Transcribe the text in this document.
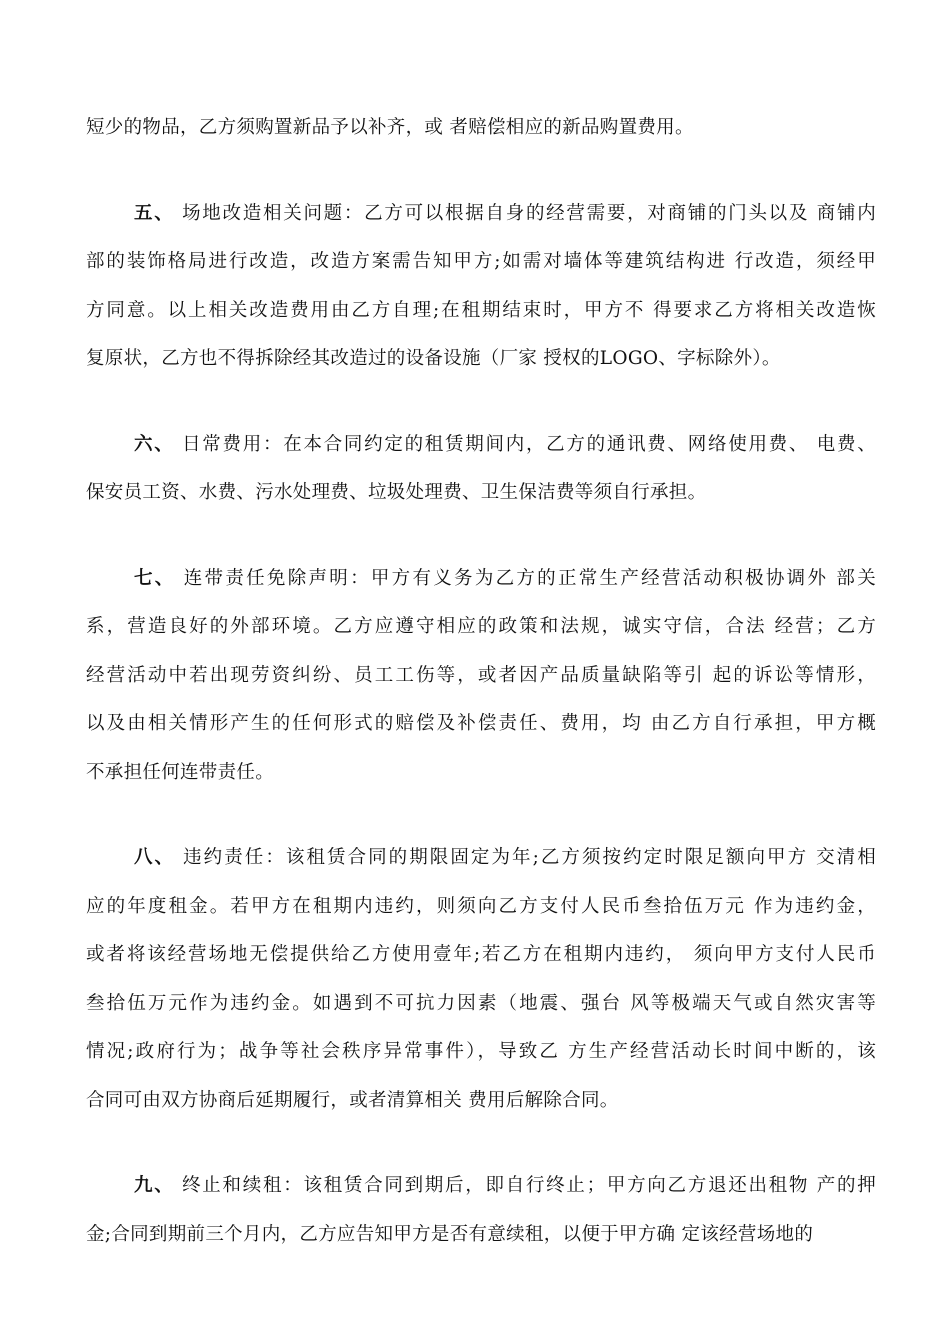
短少的物品，乙方须购置新品予以补齐，或 者赔偿相应的新品购置费用。
五、 场地改造相关问题：乙方可以根据自身的经营需要，对商铺的门头以及 商铺内
部的装饰格局进行改造，改造方案需告知甲方;如需对墙体等建筑结构进 行改造，须经甲
方同意。以上相关改造费用由乙方自理;在租期结束时，甲方不 得要求乙方将相关改造恢
复原状，乙方也不得拆除经其改造过的设备设施（厂家 授权的LOGO、字标除外）。
六、 日常费用：在本合同约定的租赁期间内，乙方的通讯费、网络使用费、 电费、
保安员工资、水费、污水处理费、垃圾处理费、卫生保洁费等须自行承担。
七、 连带责任免除声明：甲方有义务为乙方的正常生产经营活动积极协调外 部关
系，营造良好的外部环境。乙方应遵守相应的政策和法规，诚实守信，合法 经营；乙方
经营活动中若出现劳资纠纷、员工工伤等，或者因产品质量缺陷等引 起的诉讼等情形，
以及由相关情形产生的任何形式的赔偿及补偿责任、费用，均 由乙方自行承担，甲方概
不承担任何连带责任。
八、 违约责任：该租赁合同的期限固定为年;乙方须按约定时限足额向甲方 交清相
应的年度租金。若甲方在租期内违约，则须向乙方支付人民币叁拾伍万元 作为违约金，
或者将该经营场地无偿提供给乙方使用壹年;若乙方在租期内违约， 须向甲方支付人民币
叁拾伍万元作为违约金。如遇到不可抗力因素（地震、强台 风等极端天气或自然灾害等
情况;政府行为；战争等社会秩序异常事件），导致乙 方生产经营活动长时间中断的，该
合同可由双方协商后延期履行，或者清算相关 费用后解除合同。
九、 终止和续租：该租赁合同到期后，即自行终止；甲方向乙方退还出租物 产的押
金;合同到期前三个月内，乙方应告知甲方是否有意续租，以便于甲方确 定该经营场地的
